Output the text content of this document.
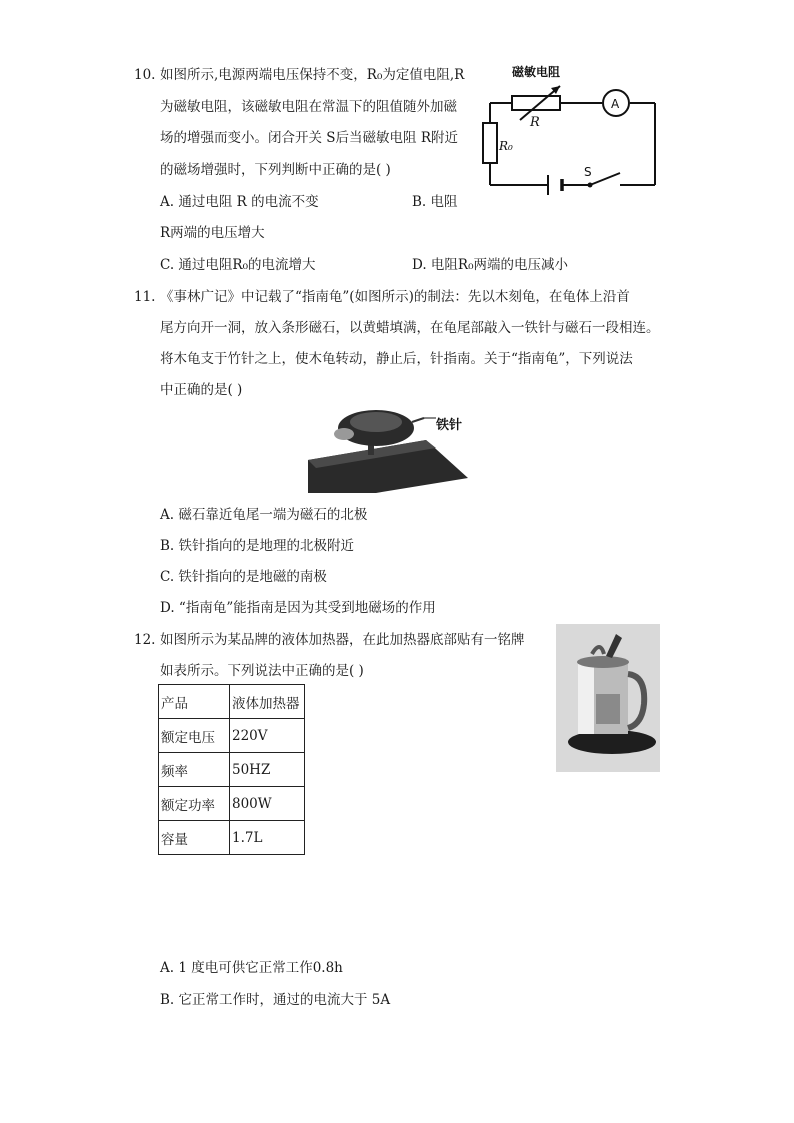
10. 如图所示,电源两端电压保持不变，R₀为定值电阻,R
为磁敏电阻，该磁敏电阻在常温下的阻值随外加磁
场的增强而变小。闭合开关 S后当磁敏电阻 R附近
的磁场增强时，下列判断中正确的是( )
A. 通过电阻 R 的电流不变	B. 电阻
R两端的电压增大
C. 通过电阻R₀的电流增大	D. 电阻R₀两端的电压减小
磁敏电阻
R
R₀
A
S
11. 《事林广记》中记载了“指南龟”(如图所示)的制法：先以木刻龟，在龟体上沿首
尾方向开一洞，放入条形磁石，以黄蜡填满，在龟尾部敲入一铁针与磁石一段相连。
将木龟支于竹针之上，使木龟转动，静止后，针指南。关于“指南龟”，下列说法
中正确的是( )
铁针
A. 磁石靠近龟尾一端为磁石的北极
B. 铁针指向的是地理的北极附近
C. 铁针指向的是地磁的南极
D. “指南龟”能指南是因为其受到地磁场的作用
12. 如图所示为某品牌的液体加热器，在此加热器底部贴有一铭牌
如表所示。下列说法中正确的是( )
产品	液体加热器
额定电压	220V
频率	50HZ
额定功率	800W
容量	1.7L
A. 1 度电可供它正常工作0.8h
B. 它正常工作时，通过的电流大于 5A
